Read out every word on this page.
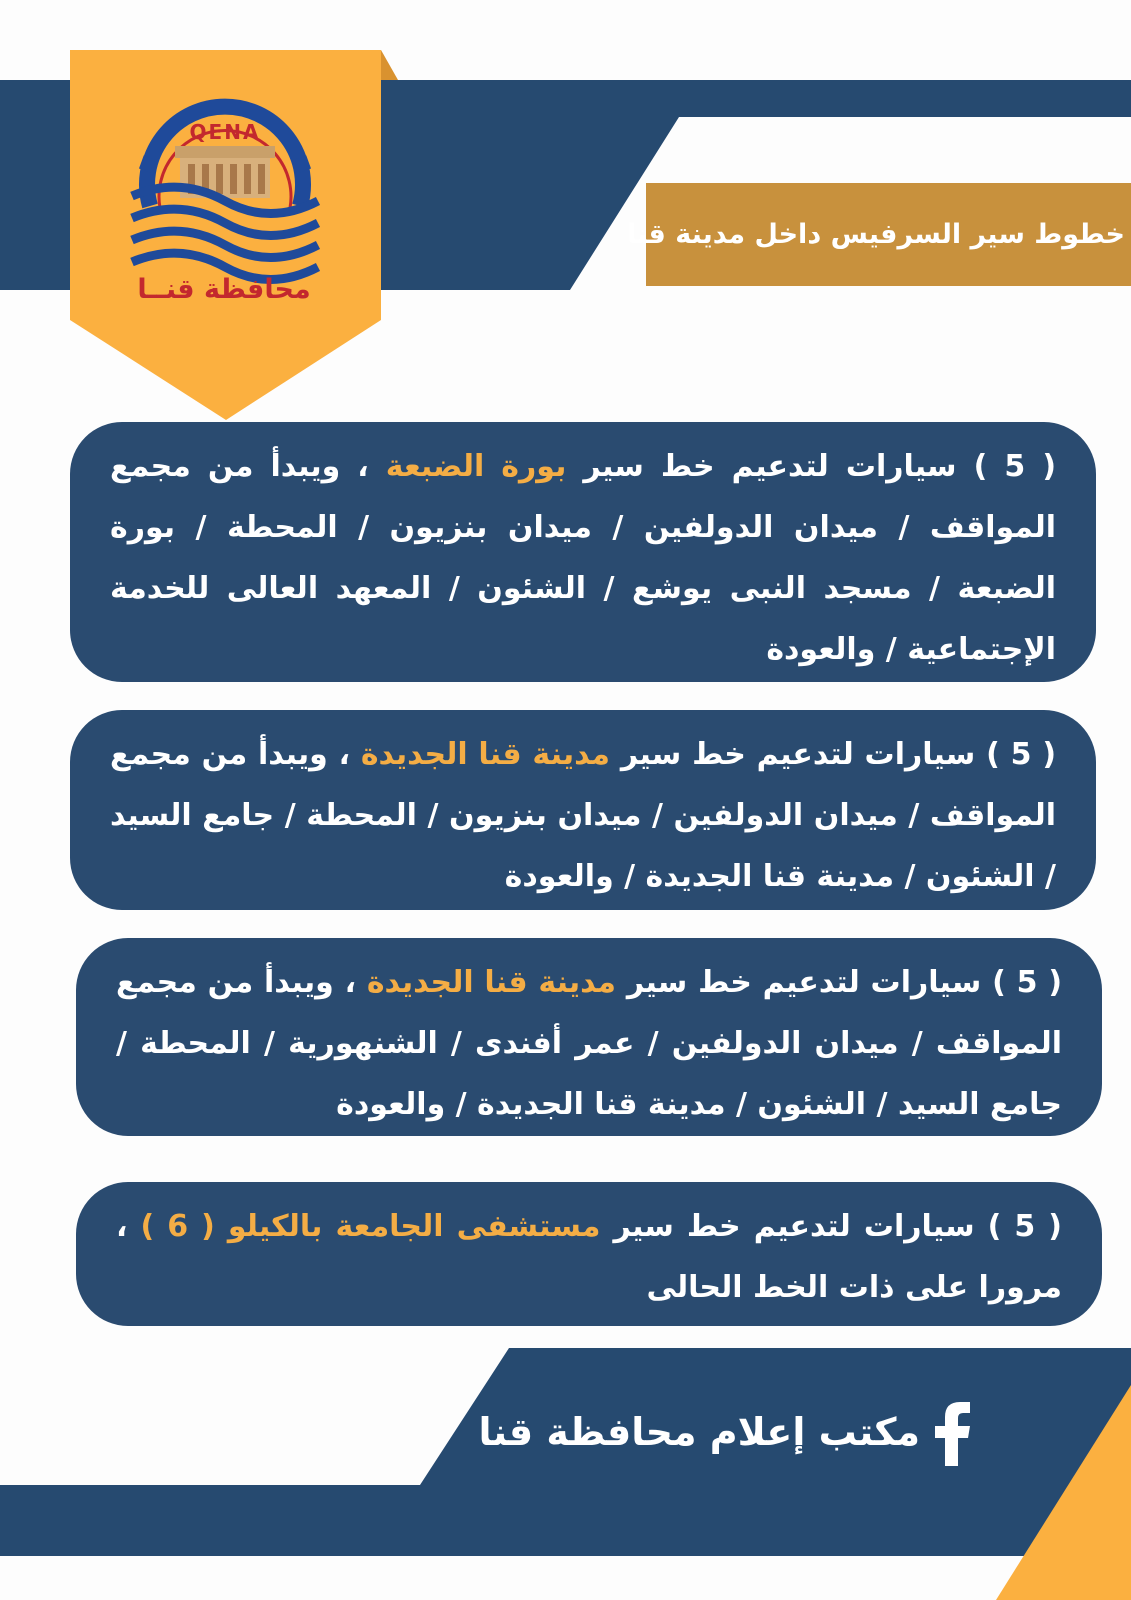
QENA
محافظة قنــا
خطوط سير السرفيس داخل مدينة قنا
( 5 ) سيارات لتدعيم خط سير بورة الضبعة ، ويبدأ من مجمع المواقف / ميدان الدولفين / ميدان بنزيون / المحطة / بورة الضبعة / مسجد النبى يوشع / الشئون / المعهد العالى للخدمة الإجتماعية / والعودة
( 5 ) سيارات لتدعيم خط سير مدينة قنا الجديدة ، ويبدأ من مجمع المواقف / ميدان الدولفين / ميدان بنزيون / المحطة / جامع السيد / الشئون / مدينة قنا الجديدة / والعودة
( 5 ) سيارات لتدعيم خط سير مدينة قنا الجديدة ، ويبدأ من مجمع المواقف / ميدان الدولفين / عمر أفندى / الشنهورية / المحطة / جامع السيد / الشئون / مدينة قنا الجديدة / والعودة
( 5 ) سيارات لتدعيم خط سير مستشفى الجامعة بالكيلو ( 6 ) ، مرورا على ذات الخط الحالى
مكتب إعلام محافظة قنا
